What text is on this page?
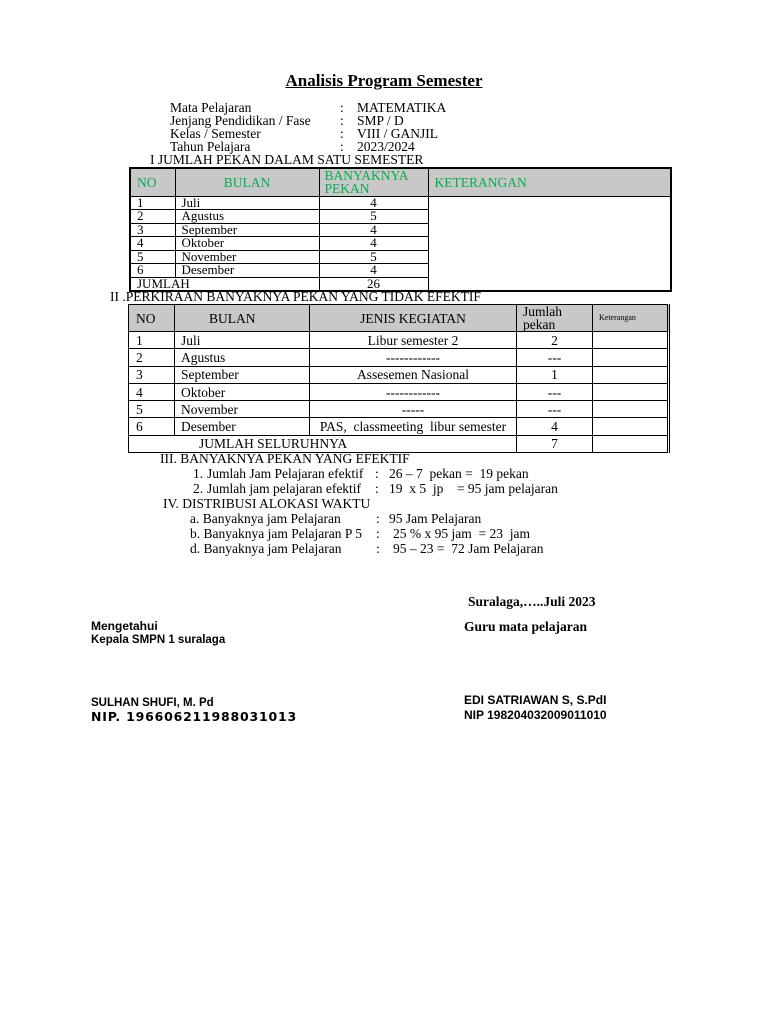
Analisis Program Semester
Mata Pelajaran	: MATEMATIKA
Jenjang Pendidikan / Fase : SMP / D
Kelas / Semester	: VIII / GANJIL
Tahun Pelajara	: 2023/2024
I JUMLAH PEKAN DALAM SATU SEMESTER
NO	BULAN	BANYAKNYA PEKAN	KETERANGAN
1	Juli	4	
2	Agustus	5	
3	September	4	
4	Oktober	4	
5	November	5	
6	Desember	4	
JUMLAH		26	
II .PERKIRAAN BANYAKNYA PEKAN YANG TIDAK EFEKTIF
NO	BULAN	JENIS KEGIATAN	Jumlah pekan	Keterangan
1	Juli	Libur semester 2	2	
2	Agustus	------------	---	
3	September	Assesemen Nasional	1	
4	Oktober	------------	---	
5	November	-----	---	
6	Desember	PAS,  classmeeting  libur semester	4	
JUMLAH SELURUHNYA			7	
III. BANYAKNYA PEKAN YANG EFEKTIF
1. Jumlah Jam Pelajaran efektif : 26 – 7  pekan =  19 pekan
2. Jumlah jam pelajaran efektif : 19  x 5  jp    = 95 jam pelajaran
IV. DISTRIBUSI ALOKASI WAKTU
a. Banyaknya jam Pelajaran	: 95 Jam Pelajaran
b. Banyaknya jam Pelajaran P 5 : 25 % x 95 jam  = 23  jam
d. Banyaknya jam Pelajaran	: 95 – 23 =  72 Jam Pelajaran
Suralaga,…..Juli 2023
Mengetahui
Kepala SMPN 1 suralaga
SULHAN SHUFI, M. Pd
NIP. 196606211988031013
Guru mata pelajaran
EDI SATRIAWAN S, S.PdI
NIP 198204032009011010
